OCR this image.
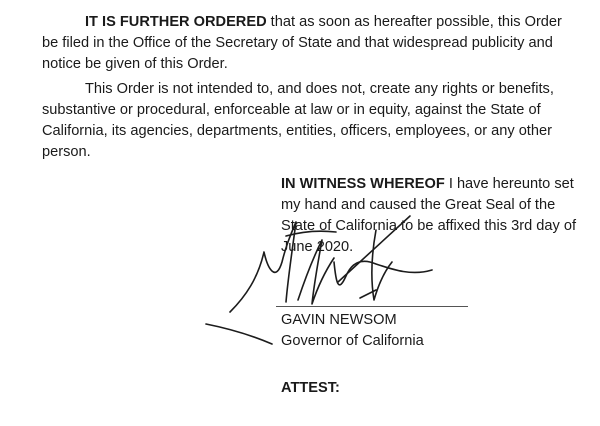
IT IS FURTHER ORDERED that as soon as hereafter possible, this Order be filed in the Office of the Secretary of State and that widespread publicity and notice be given of this Order.

This Order is not intended to, and does not, create any rights or benefits, substantive or procedural, enforceable at law or in equity, against the State of California, its agencies, departments, entities, officers, employees, or any other person.

IN WITNESS WHEREOF I have hereunto set my hand and caused the Great Seal of the State of California to be affixed this 3rd day of June 2020.

GAVIN NEWSOM
Governor of California

ATTEST:
